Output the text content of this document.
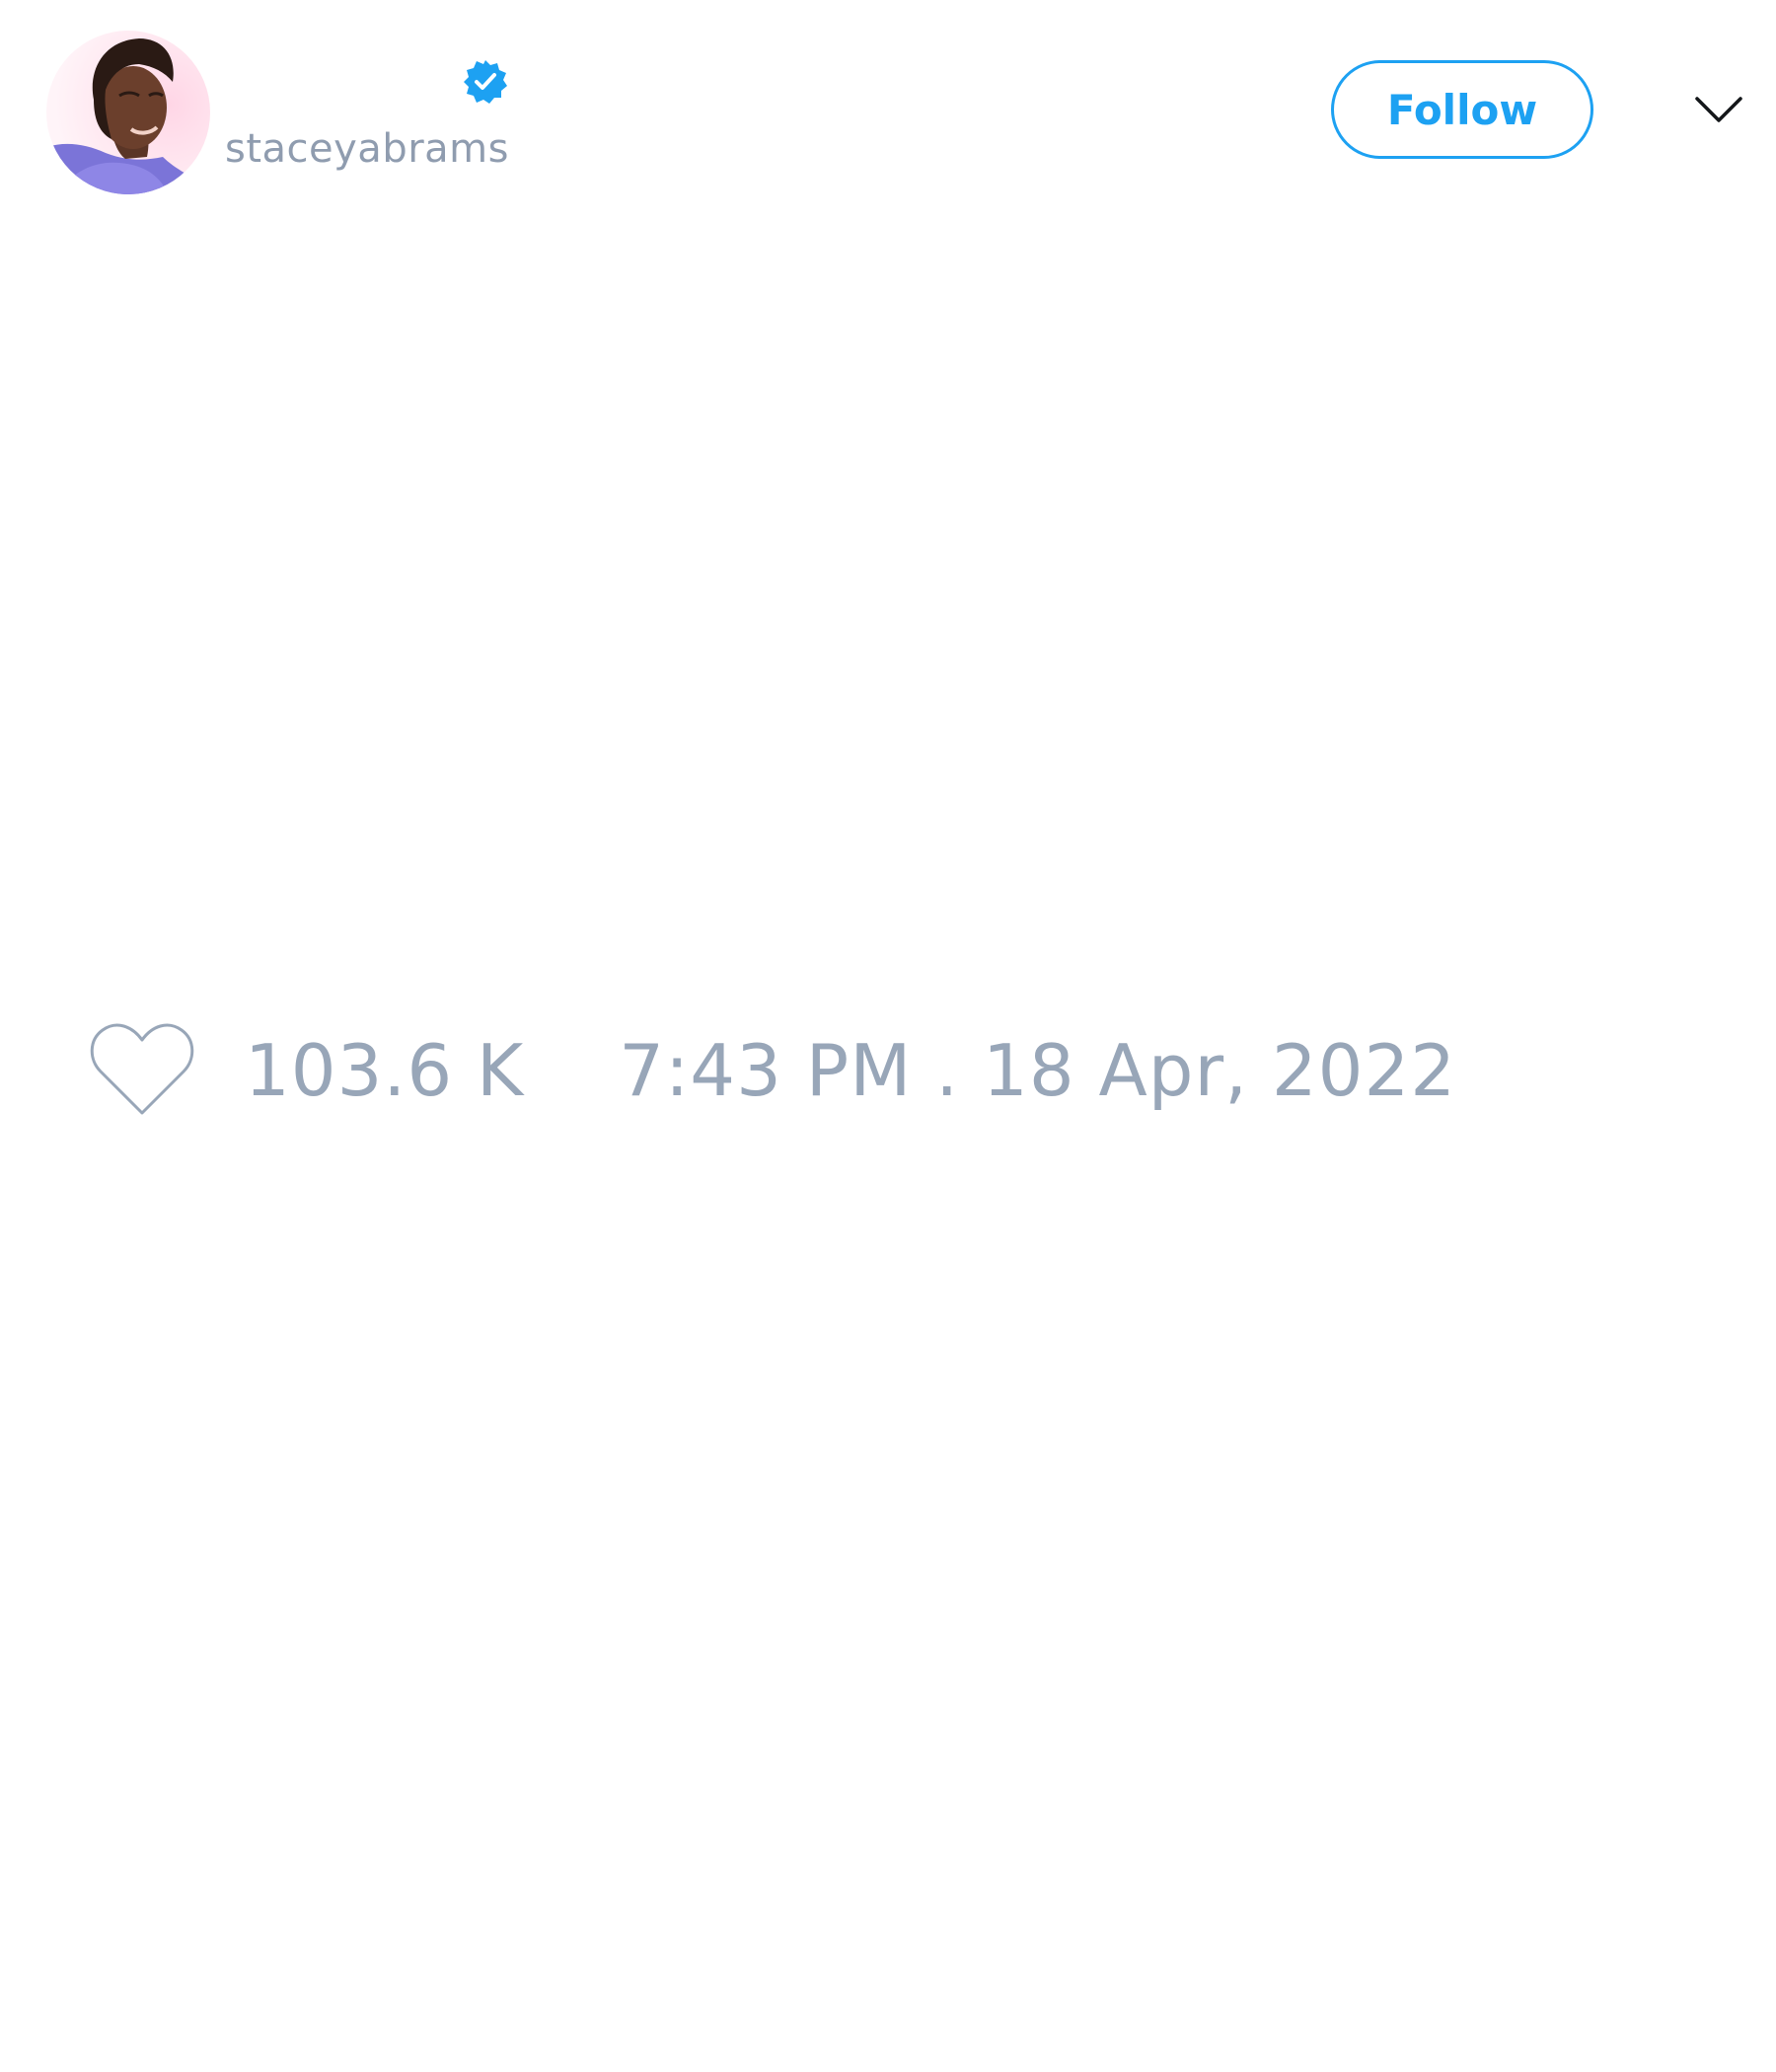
staceyabrams
Follow
103.6 K 7:43 PM . 18 Apr, 2022
